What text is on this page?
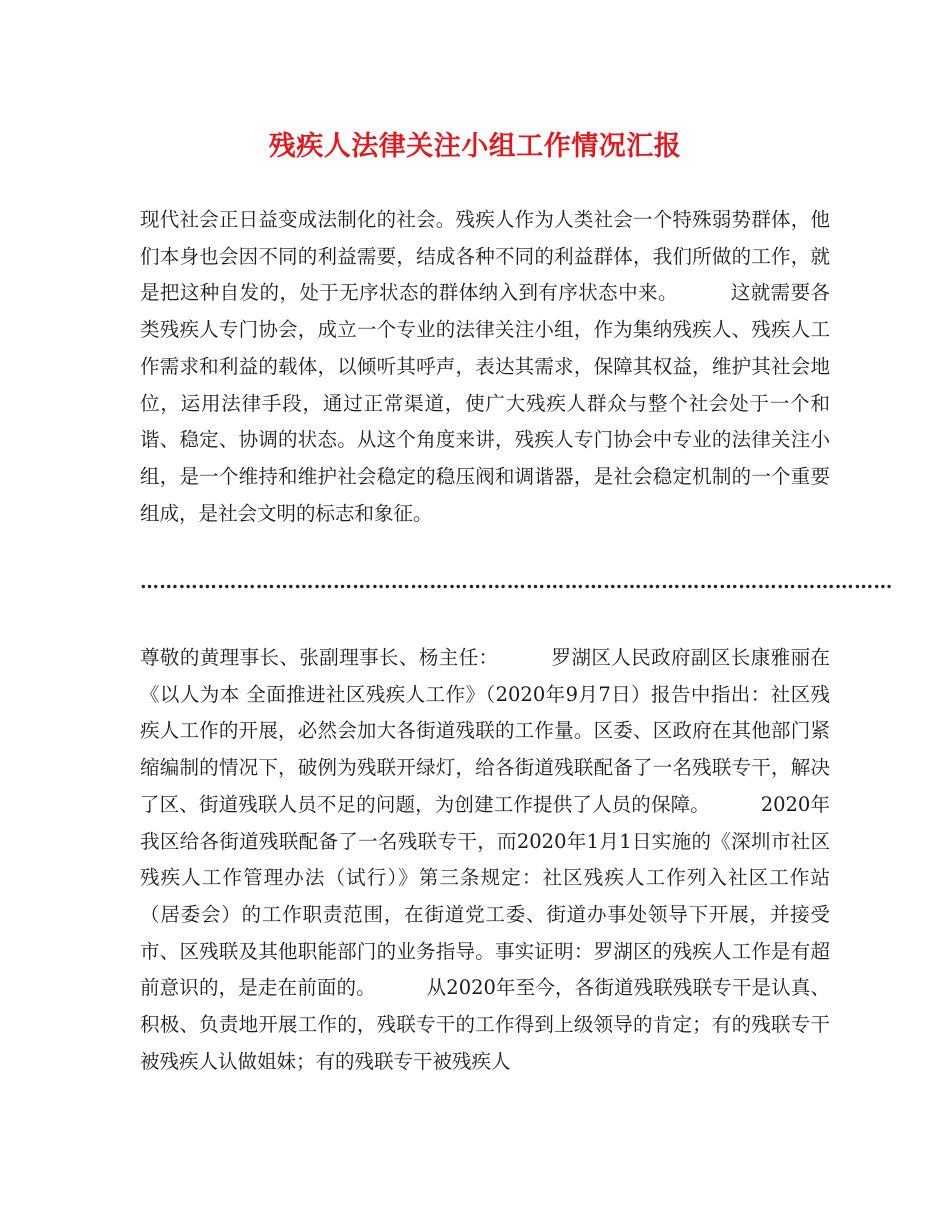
残疾人法律关注小组工作情况汇报

现代社会正日益变成法制化的社会。残疾人作为人类社会一个特殊弱势群体，他们本身也会因不同的利益需要，结成各种不同的利益群体，我们所做的工作，就是把这种自发的，处于无序状态的群体纳入到有序状态中来。        这就需要各类残疾人专门协会，成立一个专业的法律关注小组，作为集纳残疾人、残疾人工作需求和利益的载体，以倾听其呼声，表达其需求，保障其权益，维护其社会地位，运用法律手段，通过正常渠道，使广大残疾人群众与整个社会处于一个和谐、稳定、协调的状态。从这个角度来讲，残疾人专门协会中专业的法律关注小组，是一个维持和维护社会稳定的稳压阀和调谐器，是社会稳定机制的一个重要组成，是社会文明的标志和象征。

………………………………………………………………………………………………………

尊敬的黄理事长、张副理事长、杨主任：        罗湖区人民政府副区长康雅丽在《以人为本 全面推进社区残疾人工作》（2020年9月7日）报告中指出：社区残疾人工作的开展，必然会加大各街道残联的工作量。区委、区政府在其他部门紧缩编制的情况下，破例为残联开绿灯，给各街道残联配备了一名残联专干，解决了区、街道残联人员不足的问题，为创建工作提供了人员的保障。        2020年我区给各街道残联配备了一名残联专干，而2020年1月1日实施的《深圳市社区残疾人工作管理办法（试行）》第三条规定：社区残疾人工作列入社区工作站（居委会）的工作职责范围，在街道党工委、街道办事处领导下开展，并接受市、区残联及其他职能部门的业务指导。事实证明：罗湖区的残疾人工作是有超前意识的，是走在前面的。        从2020年至今，各街道残联残联专干是认真、积极、负责地开展工作的，残联专干的工作得到上级领导的肯定；有的残联专干被残疾人认做姐妹；有的残联专干被残疾人
